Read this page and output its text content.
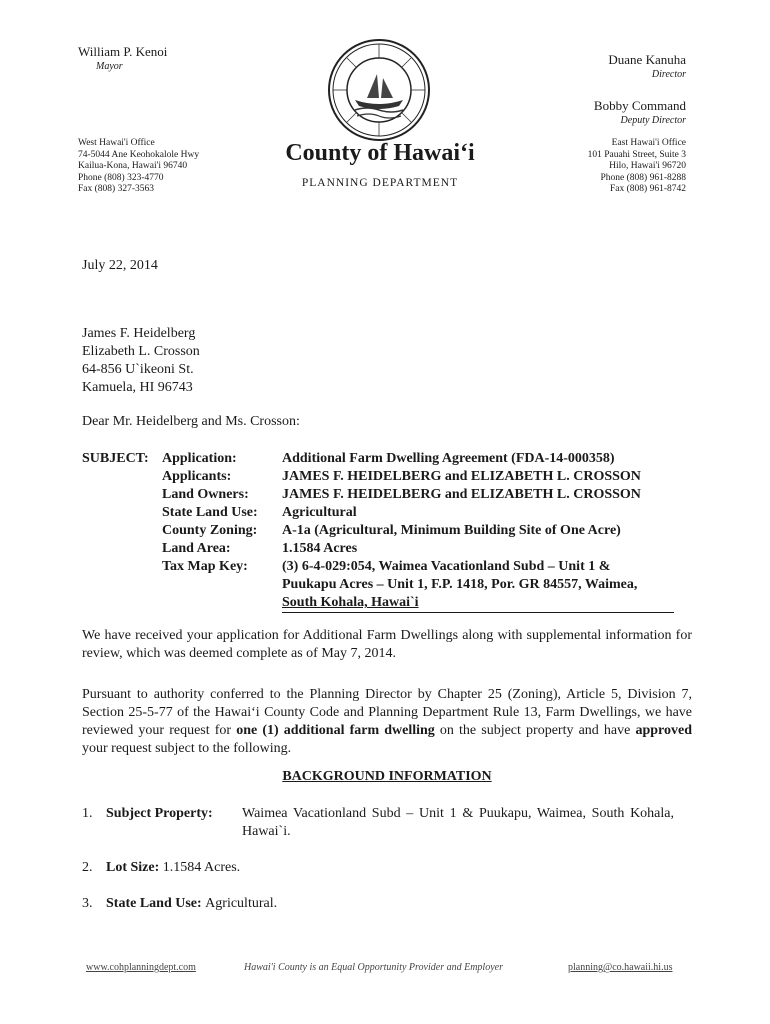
William P. Kenoi
Mayor
West Hawai'i Office
74-5044 Ane Keohokalole Hwy
Kailua-Kona, Hawai'i 96740
Phone (808) 323-4770
Fax (808) 327-3563
County of Hawai‘i
PLANNING DEPARTMENT
Duane Kanuha
Director
Bobby Command
Deputy Director
East Hawai'i Office
101 Pauahi Street, Suite 3
Hilo, Hawai'i 96720
Phone (808) 961-8288
Fax (808) 961-8742
July 22, 2014
James F. Heidelberg
Elizabeth L. Crosson
64-856 U`ikeoni St.
Kamuela, HI 96743
Dear Mr. Heidelberg and Ms. Crosson:
SUBJECT:	Application:	Additional Farm Dwelling Agreement (FDA-14-000358)
	Applicants:	JAMES F. HEIDELBERG and ELIZABETH L. CROSSON
	Land Owners:	JAMES F. HEIDELBERG and ELIZABETH L. CROSSON
	State Land Use:	Agricultural
	County Zoning:	A-1a (Agricultural, Minimum Building Site of One Acre)
	Land Area:	1.1584 Acres
	Tax Map Key:	(3) 6-4-029:054, Waimea Vacationland Subd – Unit 1 &
Puukapu Acres – Unit 1, F.P. 1418, Por. GR 84557, Waimea,
South Kohala, Hawai`i
We have received your application for Additional Farm Dwellings along with supplemental information for review, which was deemed complete as of May 7, 2014.
Pursuant to authority conferred to the Planning Director by Chapter 25 (Zoning), Article 5, Division 7, Section 25-5-77 of the Hawai‘i County Code and Planning Department Rule 13, Farm Dwellings, we have reviewed your request for one (1) additional farm dwelling on the subject property and have approved your request subject to the following.
BACKGROUND INFORMATION
1. Subject Property:	Waimea Vacationland Subd – Unit 1 & Puukapu, Waimea, South Kohala, Hawai`i.
2. Lot Size: 1.1584 Acres.
3. State Land Use: Agricultural.
www.cohplanningdept.com	Hawai'i County is an Equal Opportunity Provider and Employer	planning@co.hawaii.hi.us
